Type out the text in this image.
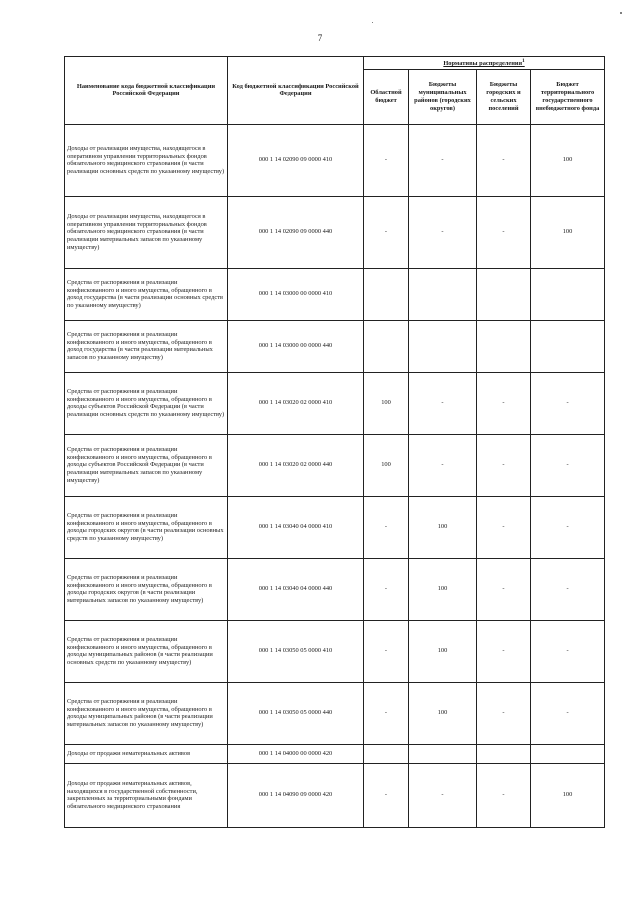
7
Наименование кода бюджетной классификации Российской Федерации	Код бюджетной классификации Российской Федерации	Нормативы распределения$^1$
		Областной бюджет	Бюджеты муниципальных районов (городских округов)	Бюджеты городских и сельских поселений	Бюджет территориального государственного внебюджетного фонда
Доходы от реализации имущества, находящегося в оперативном управлении территориальных фондов обязательного медицинского страхования (в части реализации основных средств по указанному имуществу)	000 1 14 02090 09 0000 410	-	-	-	100
Доходы от реализации имущества, находящегося в оперативном управлении территориальных фондов обязательного медицинского страхования (в части реализации материальных запасов по указанному имуществу)	000 1 14 02090 09 0000 440	-	-	-	100
Средства от распоряжения и реализации конфискованного и иного имущества, обращенного в доход государства (в части реализации основных средств по указанному имуществу)	000 1 14 03000 00 0000 410				
Средства от распоряжения и реализации конфискованного и иного имущества, обращенного в доход государства (в части реализации материальных запасов по указанному имуществу)	000 1 14 03000 00 0000 440				
Средства от распоряжения и реализации конфискованного и иного имущества, обращенного в доходы субъектов Российской Федерации (в части реализации основных средств по указанному имуществу)	000 1 14 03020 02 0000 410	100	-	-	-
Средства от распоряжения и реализации конфискованного и иного имущества, обращенного в доходы субъектов Российской Федерации (в части реализации материальных запасов по указанному имуществу)	000 1 14 03020 02 0000 440	100	-	-	-
Средства от распоряжения и реализации конфискованного и иного имущества, обращенного в доходы городских округов (в части реализации основных средств по указанному имуществу)	000 1 14 03040 04 0000 410	-	100	-	-
Средства от распоряжения и реализации конфискованного и иного имущества, обращенного в доходы городских округов (в части реализации материальных запасов по указанному имуществу)	000 1 14 03040 04 0000 440	-	100	-	-
Средства от распоряжения и реализации конфискованного и иного имущества, обращенного в доходы муниципальных районов (в части реализации основных средств по указанному имуществу)	000 1 14 03050 05 0000 410	-	100	-	-
Средства от распоряжения и реализации конфискованного и иного имущества, обращенного в доходы муниципальных районов (в части реализации материальных запасов по указанному имуществу)	000 1 14 03050 05 0000 440	-	100	-	-
Доходы от продажи нематериальных активов	000 1 14 04000 00 0000 420				
Доходы от продажи нематериальных активов, находящихся в государственной собственности, закрепленных за территориальными фондами обязательного медицинского страхования	000 1 14 04090 09 0000 420	-	-	-	100
